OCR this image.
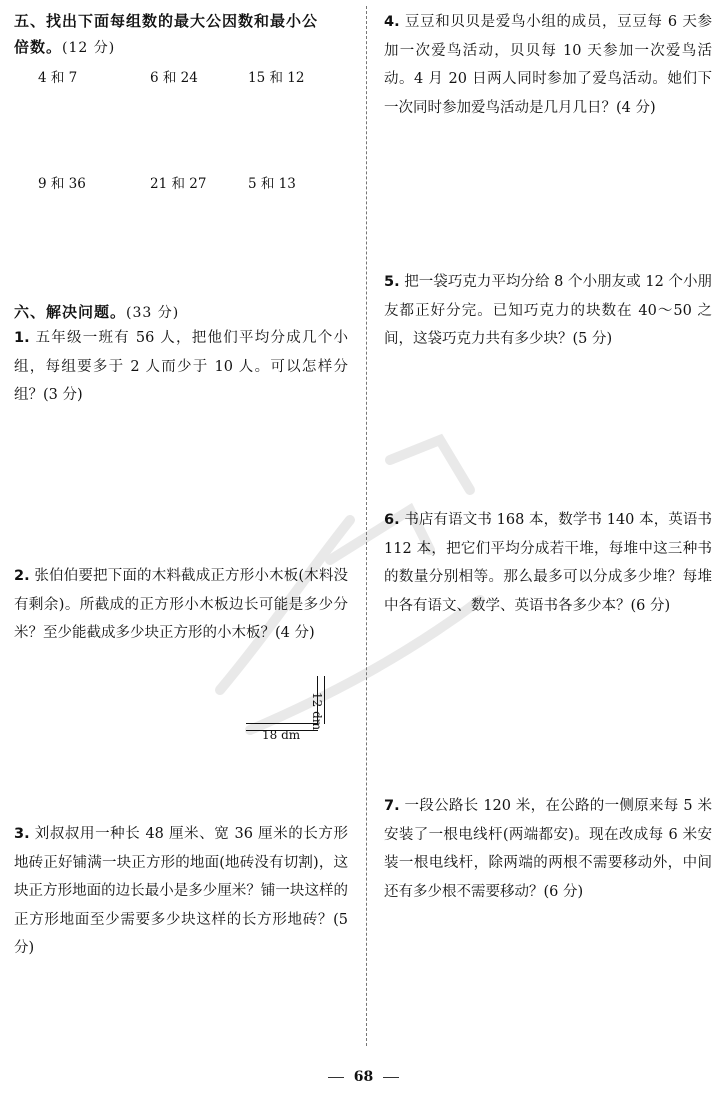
五、找出下面每组数的最大公因数和最小公
倍数。(12 分)
4 和 7	6 和 24	15 和 12
9 和 36	21 和 27	5 和 13
六、解决问题。(33 分)
1. 五年级一班有 56 人，把他们平均分成几个小组，每组要多于 2 人而少于 10 人。可以怎样分组？(3 分)
2. 张伯伯要把下面的木料截成正方形小木板(木料没有剩余)。所截成的正方形小木板边长可能是多少分米？至少能截成多少块正方形的小木板？(4 分)
18 dm
12 dm
3. 刘叔叔用一种长 48 厘米、宽 36 厘米的长方形地砖正好铺满一块正方形的地面(地砖没有切割)，这块正方形地面的边长最小是多少厘米？铺一块这样的正方形地面至少需要多少块这样的长方形地砖？(5 分)
4. 豆豆和贝贝是爱鸟小组的成员，豆豆每 6 天参加一次爱鸟活动，贝贝每 10 天参加一次爱鸟活动。4 月 20 日两人同时参加了爱鸟活动。她们下一次同时参加爱鸟活动是几月几日？(4 分)
5. 把一袋巧克力平均分给 8 个小朋友或 12 个小朋友都正好分完。已知巧克力的块数在 40～50 之间，这袋巧克力共有多少块？(5 分)
6. 书店有语文书 168 本，数学书 140 本，英语书 112 本，把它们平均分成若干堆，每堆中这三种书的数量分别相等。那么最多可以分成多少堆？每堆中各有语文、数学、英语书各多少本？(6 分)
7. 一段公路长 120 米，在公路的一侧原来每 5 米安装了一根电线杆(两端都安)。现在改成每 6 米安装一根电线杆，除两端的两根不需要移动外，中间还有多少根不需要移动？(6 分)
68
